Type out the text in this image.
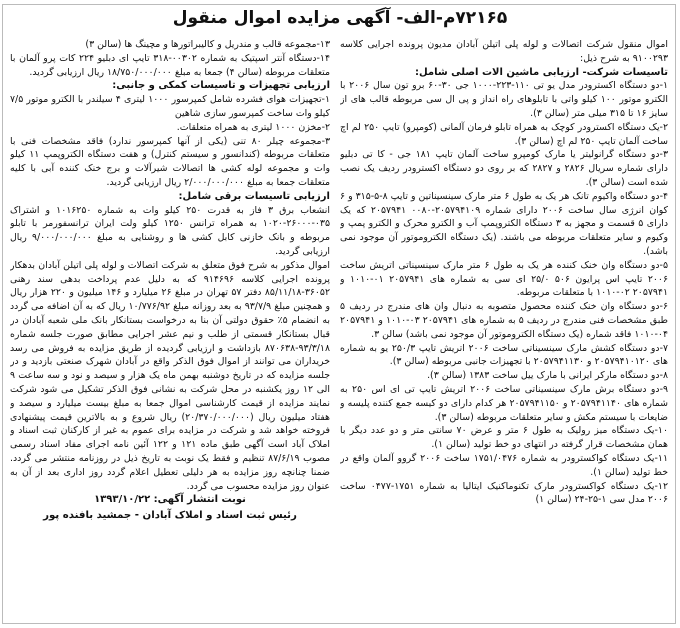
۷۲۱۶۵م-الف- آگهی مزایده اموال منقول

اموال منقول شرکت اتصالات و لوله پلی اتیلن آبادان مدیون پرونده اجرایی کلاسه ۹۱۰۰۲۹۳ به شرح ذیل:

تاسیسات شرکت- ارزیابی ماشین الات اصلی شامل:

۱-دو دستگاه اکسترودر مدل یو تی ۱۱۰-۲۲۳-۱۰۰۰ جی ۳۰-۶۰ برو تون سال ۲۰۰۶ با الکترو موتور ۱۰۰ کیلو واتی با تابلوهای راه انداز و پی ال سی مربوطه قالب های از سایز ۱۶ تا ۳۱۵ میلی متر (سالن ۳).

۲-یک دستگاه اکسترودر کوچک به همراه تابلو فرمان آلمانی (کومپرو) تایپ ۲۵۰ لم اچ ساخت آلمان تایپ ۲۵۰ لم اچ (سالن ۳).

۳-دو دستگاه گرانولیتر یا مارک کومپرو ساخت آلمان تایپ ۱۸۱ جی - کا تی دبلیو دارای شماره سریال ۲۸۲۶ و ۲۸۲۷ که بر روی دو دستگاه اکسترودر ردیف یک نصب شده است (سالن ۳).

۴-دو دستگاه واکیوم تانک هر یک به طول ۶ متر مارک سینسیناتین و تایپ ۸-۵-۳۱۵ و ۶ کوان انرژی سال ساخت ۲۰۰۶ دارای شماره ۲۰۵۷۹۴۱۰۹-۰۰۸۰ ۲۰۵۷۹۴۱ که یک دارای ۵ قسمت و مجهز به ۳ دستگاه الکتروپمپ آب و الکترو محرک و الکترو پمپ و وکیوم و سایر متعلقات مربوطه می باشند. (یک دستگاه الکتروموتور آن موجود نمی باشد).

۵-دو دستگاه وان خنک کننده هر یک به طول ۶ متر مارک سینسیناتی اتریش ساخت ۲۰۰۶ تایپ اس پرایون ۵۰۶ ۲۵/۰ ای سی به شماره های ۲۰۵۷۹۴۱ ۰۱-۱۰۱۰ و ۲۰۵۷۹۴۱ ۰۲-۱۰۱۰ با متعلقات مربوطه.

۶-دو دستگاه وان خنک کننده محصول متصوبه به دنبال وان های مندرج در ردیف ۵ طبق مشخصات فنی مندرج در ردیف ۵ به شماره های ۲۰۵۷۹۴۱ ۰۳-۱۰۱۰ و ۲۰۵۷۹۴۱ ۰۴-۱۰۱۰ فاقد شماره (یک دستگاه الکتروموتور آن موجود نمی باشد) سالن ۳.

۷-دو دستگاه کشش مارک سینسیناتی ساخت ۲۰۰۶ اتریش تایپ ۲۵۰/۳ یو به شماره های ۲۰۵۷۹۴۱۰۱۲۰ و ۲۰۵۷۹۴۱۱۳۰ با تجهیزات جانبی مربوطه (سالن ۳).

۸-دو دستگاه مارکر ایرانی با مارک ییل ساخت ۱۳۸۳ (سالن ۳).

۹-دو دستگاه برش مارک سینسیناتی ساخت ۲۰۰۶ اتریش تایپ تی ای اس ۲۵۰ به شماره های ۲۰۵۷۹۴۱۱۴۰ و ۲۰۵۷۹۴۱۱۵۰ هر کدام دارای دو کیسه جمع کننده پلیسه و ضایعات با سیستم مکش و سایر متعلقات مربوطه (سالن ۳).

۱۰-یک دستگاه میز رولیک به طول ۶ متر و عرض ۷۰ سانتی متر و دو عدد دیگر با همان مشخصات قرار گرفته در انتهای دو خط تولید (سالن ۱).

۱۱-یک دستگاه کواکسترودر به شماره ۱۷۵۱/۰۴۷۶ ساخت ۲۰۰۶ گروو آلمان واقع در خط تولید (سالن ۱).

۱۲-یک دستگاه کواکسترودر مارک تکنوماکنیک ایتالیا به شماره ۱۷۵۱-۰۴۷۷ ساخت ۲۰۰۶ مدل سی ۱-۲۵-۲۴ (سالن ۱)

۱۳-مجموعه قالب و مندریل و کالیبراتورها و مچینگ ها (سالن ۳)

۱۴-دستگاه آنتر اسپتیک به شماره ۰۰۳۰۲-۳۱۸ تایپ ای دبلیو ۲۲۴ کات پرو آلمان با متعلقات مربوطه (سالن ۴) جمعا به مبلغ ۱۸/۷۵۰/۰۰۰/۰۰۰ ریال ارزیابی گردید.

ارزیابی تجهیزات و تاسیسات کمکی و جانبی:

۱-تجهیزات هوای فشرده شامل کمپرسور ۱۰۰۰ لیتری ۴ سیلندر با الکترو موتور ۷/۵ کیلو وات ساخت کمپرسور سازی شاهین

۲-مخزن ۱۰۰۰ لیتری به همراه متعلقات.

۳-مجموعه چیلر ۸۰ تنی (یکی از آنها کمپرسور ندارد) فاقد مشخصات فنی با متعلقات مربوطه (کندانسور و سیستم کنترل) و هفت دستگاه الکتروپمپ ۱۱ کیلو وات و مجموعه لوله کشی ها اتصالات شیرآلات و برج خنک کننده آبی با کلیه متعلقات جمعا به مبلغ ۲/۰۰۰/۰۰۰/۰۰۰ ریال ارزیابی گردید.

ارزیابی تاسیسات برقی شامل:

انشعاب برق ۳ فاز به قدرت ۲۵۰ کیلو وات به شماره ۱۰۱۶۲۵۰ و اشتراک ۰۳۵-۲۶۰۰۰-۱۰۲۰ به همراه ترانس ۱۲۵۰ کیلو ولت ایران ترانسفورمر با تابلو مربوطه و بانک خازنی کابل کشی ها و روشنایی به مبلغ ۹/۰۰۰/۰۰۰/۰۰۰ ریال ارزیابی گردید.

اموال مذکور به شرح فوق متعلق به شرکت اتصالات و لوله پلی اتیلن آبادان بدهکار پرونده اجرایی کلاسه ۹۱۴۶۹۶ که به دلیل عدم پرداخت بدهی سند رهنی ۳۶۰۵۲-۸۵/۱۱/۱۸ دفتر ۵۷ تهران در مبلغ ۲۶ میلیارد و ۱۴۶ میلیون و ۲۲۰ هزار ریال و همچنین مبلغ ۹۳/۷/۹ به بعد روزانه مبلغ ۱۰/۷۷۶/۹۲ ریال که به آن اضافه می گردد به انضمام ۵٪ حقوق دولتی آن بنا به درخواست بستانکار بانک ملی شعبه آبادان در قبال بستانکار قسمتی از طلب و نیم عشر اجرایی مطابق صورت جلسه شماره ۹۳/۳/۱۸-۸۷۰۶۳۸ بازداشت و ارزیابی گردیده از طریق مزایده به فروش می رسد خریداران می توانند از اموال فوق الذکر واقع در آبادان شهرک صنعتی بازدید و در جلسه مزایده که در تاریخ دوشنبه بهمن ماه یک هزار و سیصد و نود و سه ساعت ۹ الی ۱۲ روز یکشنبه در محل شرکت به نشانی فوق الذکر تشکیل می شود شرکت نمایند مزایده از قیمت کارشناسی اموال جمعا به مبلغ بیست میلیارد و سیصد و هفتاد میلیون ریال (۲۰/۳۷۰/۰۰۰/۰۰۰) ریال شروع و به بالاترین قیمت پیشنهادی فروخته خواهد شد و شرکت در مزایده برای عموم به غیر از کارکنان ثبت اسناد و املاک آباد است آگهی طبق ماده ۱۲۱ و ۱۲۲ آئین نامه اجرای مفاد اسناد رسمی مصوب ۸۷/۶/۱۹ تنظیم و فقط یک نوبت به تاریخ ذیل در روزنامه منتشر می گردد. ضمنا چنانچه روز مزایده به هر دلیلی تعطیل اعلام گردد روز اداری بعد از آن به عنوان روز مزایده محسوب می گردد.

نوبت انتشار آگهی: ۱۳۹۳/۱۰/۲۲
رئیس ثبت اسناد و املاک آبادان - جمشید بافنده پور
